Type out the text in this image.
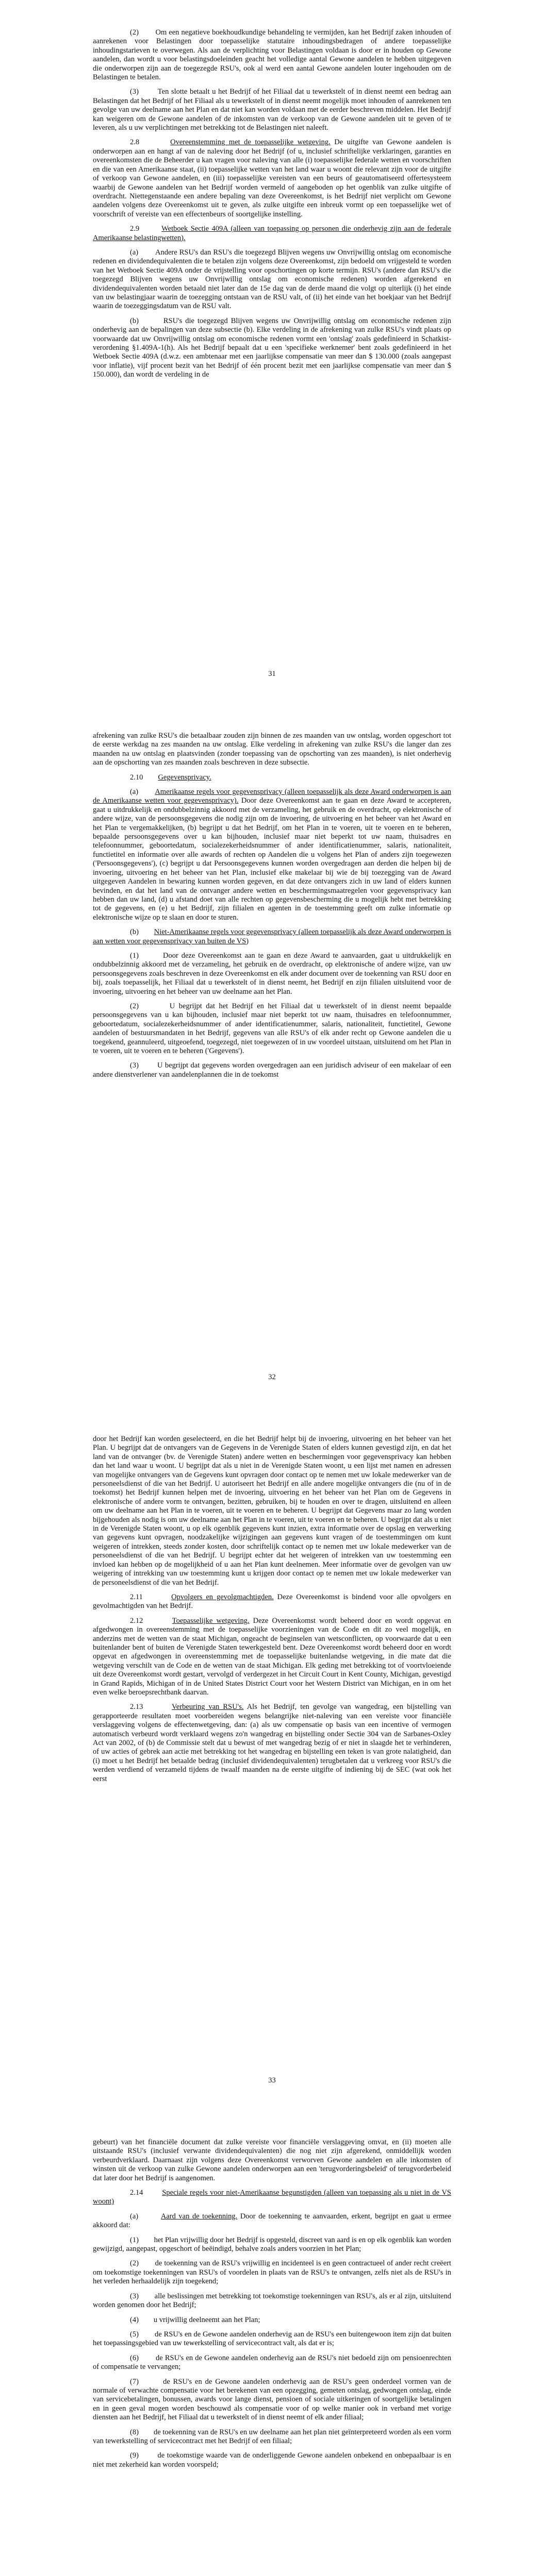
(2)        Om een negatieve boekhoudkundige behandeling te vermijden, kan het Bedrijf zaken inhouden of aanrekenen voor Belastingen door toepasselijke statutaire inhoudingsbedragen of andere toepasselijke inhoudingstarieven te overwegen. Als aan de verplichting voor Belastingen voldaan is door er in houden op Gewone aandelen, dan wordt u voor belastingsdoeleinden geacht het volledige aantal Gewone aandelen te hebben uitgegeven die onderworpen zijn aan de toegezegde RSU's, ook al werd een aantal Gewone aandelen louter ingehouden om de Belastingen te betalen.

(3)        Ten slotte betaalt u het Bedrijf of het Filiaal dat u tewerkstelt of in dienst neemt een bedrag aan Belastingen dat het Bedrijf of het Filiaal als u tewerkstelt of in dienst neemt mogelijk moet inhouden of aanrekenen ten gevolge van uw deelname aan het Plan en dat niet kan worden voldaan met de eerder beschreven middelen. Het Bedrijf kan weigeren om de Gewone aandelen of de inkomsten van de verkoop van de Gewone aandelen uit te geven of te leveren, als u uw verplichtingen met betrekking tot de Belastingen niet naleeft.

2.8	Overeenstemming met de toepasselijke wetgeving. De uitgifte van Gewone aandelen is onderworpen aan en hangt af van de naleving door het Bedrijf (of u, inclusief schriftelijke verklaringen, garanties en overeenkomsten die de Beheerder u kan vragen voor naleving van alle (i) toepasselijke federale wetten en voorschriften en die van een Amerikaanse staat, (ii) toepasselijke wetten van het land waar u woont die relevant zijn voor de uitgifte of verkoop van Gewone aandelen, en (iii) toepasselijke vereisten van een beurs of geautomatiseerd offertesysteem waarbij de Gewone aandelen van het Bedrijf worden vermeld of aangeboden op het ogenblik van zulke uitgifte of overdracht. Niettegenstaande een andere bepaling van deze Overeenkomst, is het Bedrijf niet verplicht om Gewone aandelen volgens deze Overeenkomst uit te geven, als zulke uitgifte een inbreuk vormt op een toepasselijke wet of voorschrift of vereiste van een effectenbeurs of soortgelijke instelling.

2.9	Wetboek Sectie 409A (alleen van toepassing op personen die onderhevig zijn aan de federale Amerikaanse belastingwetten).

(a)        Andere RSU's dan RSU's die toegezegd Blijven wegens uw Onvrijwillig ontslag om economische redenen en dividendequivalenten die te betalen zijn volgens deze Overeenkomst, zijn bedoeld om vrijgesteld te worden van het Wetboek Sectie 409A onder de vrijstelling voor opschortingen op korte termijn. RSU's (andere dan RSU's die toegezegd Blijven wegens uw Onvrijwillig ontslag om economische redenen) worden afgerekend en dividendequivalenten worden betaald niet later dan de 15e dag van de derde maand die volgt op uiterlijk (i) het einde van uw belastingjaar waarin de toezegging ontstaan van de RSU valt, of (ii) het einde van het boekjaar van het Bedrijf waarin de toezeggingsdatum van de RSU valt.

(b)        RSU's die toegezegd Blijven wegens uw Onvrijwillig ontslag om economische redenen zijn onderhevig aan de bepalingen van deze subsectie (b). Elke verdeling in de afrekening van zulke RSU's vindt plaats op voorwaarde dat uw Onvrijwillig ontslag om economische redenen vormt een 'ontslag' zoals gedefinieerd in Schatkist-verordening §1.409A-1(h). Als het Bedrijf bepaalt dat u een 'specifieke werknemer' bent zoals gedefinieerd in het Wetboek Sectie 409A (d.w.z. een ambtenaar met een jaarlijkse compensatie van meer dan $ 130.000 (zoals aangepast voor inflatie), vijf procent bezit van het Bedrijf of één procent bezit met een jaarlijkse compensatie van meer dan $ 150.000), dan wordt de verdeling in de

31

afrekening van zulke RSU's die betaalbaar zouden zijn binnen de zes maanden van uw ontslag, worden opgeschort tot de eerste werkdag na zes maanden na uw ontslag. Elke verdeling in afrekening van zulke RSU's die langer dan zes maanden na uw ontslag en plaatsvinden (zonder toepassing van de opschorting van zes maanden), is niet onderhevig aan de opschorting van zes maanden zoals beschreven in deze subsectie.

2.10 Gegevensprivacy.

(a) Amerikaanse regels voor gegevensprivacy (alleen toepasselijk als deze Award onderworpen is aan de Amerikaanse wetten voor gegevensprivacy). Door deze Overeenkomst aan te gaan en deze Award te accepteren, gaat u uitdrukkelijk en ondubbelzinnig akkoord met de verzameling, het gebruik en de overdracht, op elektronische of andere wijze, van de persoonsgegevens die nodig zijn om de invoering, de uitvoering en het beheer van het Award en het Plan te vergemakkelijken, (b) begrijpt u dat het Bedrijf, om het Plan in te voeren, uit te voeren en te beheren, bepaalde persoonsgegevens over u kan bijhouden, inclusief maar niet beperkt tot uw naam, thuisadres en telefoonnummer, geboortedatum, socialezekerheidsnummer of ander identificatienummer, salaris, nationaliteit, functietitel en informatie over alle awards of rechten op Aandelen die u volgens het Plan of anders zijn toegewezen ('Persoonsgegevens'), (c) begrijpt u dat Persoonsgegevens kunnen worden overgedragen aan derden die helpen bij de invoering, uitvoering en het beheer van het Plan, inclusief elke makelaar bij wie de bij toezegging van de Award uitgegeven Aandelen in bewaring kunnen worden gegeven, en dat deze ontvangers zich in uw land of elders kunnen bevinden, en dat het land van de ontvanger andere wetten en beschermingsmaatregelen voor gegevensprivacy kan hebben dan uw land, (d) u afstand doet van alle rechten op gegevensbescherming die u mogelijk hebt met betrekking tot de gegevens, en (e) u het Bedrijf, zijn filialen en agenten in de toestemming geeft om zulke informatie op elektronische wijze op te slaan en door te sturen.

(b) Niet-Amerikaanse regels voor gegevensprivacy (alleen toepasselijk als deze Award onderworpen is aan wetten voor gegevensprivacy van buiten de VS)

(1)        Door deze Overeenkomst aan te gaan en deze Award te aanvaarden, gaat u uitdrukkelijk en ondubbelzinnig akkoord met de verzameling, het gebruik en de overdracht, op elektronische of andere wijze, van uw persoonsgegevens zoals beschreven in deze Overeenkomst en elk ander document over de toekenning van RSU door en bij, zoals toepasselijk, het Filiaal dat u tewerkstelt of in dienst neemt, het Bedrijf en zijn filialen uitsluitend voor de invoering, uitvoering en het beheer van uw deelname aan het Plan.

(2)        U begrijpt dat het Bedrijf en het Filiaal dat u tewerkstelt of in dienst neemt bepaalde persoonsgegevens van u kan bijhouden, inclusief maar niet beperkt tot uw naam, thuisadres en telefoonnummer, geboortedatum, socialezekerheidsnummer of ander identificatienummer, salaris, nationaliteit, functietitel, Gewone aandelen of bestuursmandaten in het Bedrijf, gegevens van alle RSU's of elk ander recht op Gewone aandelen die u toegekend, geannuleerd, uitgeoefend, toegezegd, niet toegewezen of in uw voordeel uitstaan, uitsluitend om het Plan in te voeren, uit te voeren en te beheren ('Gegevens').

(3)        U begrijpt dat gegevens worden overgedragen aan een juridisch adviseur of een makelaar of een andere dienstverlener van aandelenplannen die in de toekomst

32

door het Bedrijf kan worden geselecteerd, en die het Bedrijf helpt bij de invoering, uitvoering en het beheer van het Plan. U begrijpt dat de ontvangers van de Gegevens in de Verenigde Staten of elders kunnen gevestigd zijn, en dat het land van de ontvanger (bv. de Verenigde Staten) andere wetten en beschermingen voor gegevensprivacy kan hebben dan het land waar u woont. U begrijpt dat als u niet in de Verenigde Staten woont, u een lijst met namen en adressen van mogelijke ontvangers van de Gegevens kunt opvragen door contact op te nemen met uw lokale medewerker van de personeelsdienst of die van het Bedrijf. U autoriseert het Bedrijf en alle andere mogelijke ontvangers die (nu of in de toekomst) het Bedrijf kunnen helpen met de invoering, uitvoering en het beheer van het Plan om de Gegevens in elektronische of andere vorm te ontvangen, bezitten, gebruiken, bij te houden en over te dragen, uitsluitend en alleen om uw deelname aan het Plan in te voeren, uit te voeren en te beheren. U begrijpt dat Gegevens maar zo lang worden bijgehouden als nodig is om uw deelname aan het Plan in te voeren, uit te voeren en te beheren. U begrijpt dat als u niet in de Verenigde Staten woont, u op elk ogenblik gegevens kunt inzien, extra informatie over de opslag en verwerking van gegevens kunt opvragen, noodzakelijke wijzigingen aan gegevens kunt vragen of de toestemmingen om kunt weigeren of intrekken, steeds zonder kosten, door schriftelijk contact op te nemen met uw lokale medewerker van de personeelsdienst of die van het Bedrijf. U begrijpt echter dat het weigeren of intrekken van uw toestemming een invloed kan hebben op de mogelijkheid of u aan het Plan kunt deelnemen. Meer informatie over de gevolgen van uw weigering of intrekking van uw toestemming kunt u krijgen door contact op te nemen met uw lokale medewerker van de personeelsdienst of die van het Bedrijf.

2.11	Opvolgers en gevolgmachtigden. Deze Overeenkomst is bindend voor alle opvolgers en gevolmachtigden van het Bedrijf.

2.12	Toepasselijke wetgeving. Deze Overeenkomst wordt beheerd door en wordt opgevat en afgedwongen in overeenstemming met de toepasselijke voorzieningen van de Code en dit zo veel mogelijk, en anderzins met de wetten van de staat Michigan, ongeacht de beginselen van wetsconflicten, op voorwaarde dat u een buitenlander bent of buiten de Verenigde Staten tewerkgesteld bent. Deze Overeenkomst wordt beheerd door en wordt opgevat en afgedwongen in overeenstemming met de toepasselijke buitenlandse wetgeving, in die mate dat die wetgeving verschilt van de Code en de wetten van de staat Michigan. Elk geding met betrekking tot of voortvloeiende uit deze Overeenkomst wordt gestart, vervolgd of verdergezet in het Circuit Court in Kent County, Michigan, gevestigd in Grand Rapids, Michigan of in de United States District Court voor het Western District van Michigan, en in om het even welke beroepsrechtbank daarvan.

2.13	Verbeuring van RSU's. Als het Bedrijf, ten gevolge van wangedrag, een bijstelling van gerapporteerde resultaten moet voorbereiden wegens belangrijke niet-naleving van een vereiste voor financiële verslaggeving volgens de effectenwetgeving, dan: (a) als uw compensatie op basis van een incentive of vermogen automatisch verbeurd wordt verklaard wegens zo'n wangedrag en bijstelling onder Sectie 304 van de Sarbanes-Oxley Act van 2002, of (b) de Commissie stelt dat u bewust of met wangedrag bezig of er niet in slaagde het te verhinderen, of uw acties of gebrek aan actie met betrekking tot het wangedrag en bijstelling een teken is van grote nalatigheid, dan (i) moet u het Bedrijf het betaalde bedrag (inclusief dividendequivalenten) terugbetalen dat u verkreeg voor RSU's die werden verdiend of verzameld tijdens de twaalf maanden na de eerste uitgifte of indiening bij de SEC (wat ook het eerst

33

gebeurt) van het financiële document dat zulke vereiste voor financiële verslaggeving omvat, en (ii) moeten alle uitstaande RSU's (inclusief verwante dividendequivalenten) die nog niet zijn afgerekend, onmiddellijk worden verbeurdverklaard. Daarnaast zijn volgens deze Overeenkomst verworven Gewone aandelen en alle inkomsten of winsten uit de verkoop van zulke Gewone aandelen onderworpen aan een 'terugvorderingsbeleid' of terugvorderbeleid dat later door het Bedrijf is aangenomen.

2.14	Speciale regels voor niet-Amerikaanse begunstigden (alleen van toepassing als u niet in de VS woont)

(a)	Aard van de toekenning. Door de toekenning te aanvaarden, erkent, begrijpt en gaat u ermee akkoord dat:

(1)        het Plan vrijwillig door het Bedrijf is opgesteld, discreet van aard is en op elk ogenblik kan worden gewijzigd, aangepast, opgeschort of beëindigd, behalve zoals anders voorzien in het Plan;

(2)        de toekenning van de RSU's vrijwillig en incidenteel is en geen contractueel of ander recht creëert om toekomstige toekenningen van RSU's of voordelen in plaats van de RSU's te ontvangen, zelfs niet als de RSU's in het verleden herhaaldelijk zijn toegekend;

(3)        alle beslissingen met betrekking tot toekomstige toekenningen van RSU's, als er al zijn, uitsluitend worden genomen door het Bedrijf;

(4)        u vrijwillig deelneemt aan het Plan;

(5)        de RSU's en de Gewone aandelen onderhevig aan de RSU's een buitengewoon item zijn dat buiten het toepassingsgebied van uw tewerkstelling of servicecontract valt, als dat er is;

(6)        de RSU's en de Gewone aandelen onderhevig aan de RSU's niet bedoeld zijn om pensioenrechten of compensatie te vervangen;

(7)        de RSU's en de Gewone aandelen onderhevig aan de RSU's geen onderdeel vormen van de normale of verwachte compensatie voor het berekenen van een opzegging, gemeten ontslag, gedwongen ontslag, einde van servicebetalingen, bonussen, awards voor lange dienst, pensioen of sociale uitkeringen of soortgelijke betalingen en in geen geval mogen worden beschouwd als compensatie voor of op welke manier ook in verband met vorige diensten aan het Bedrijf, het Filiaal dat u tewerkstelt of in dienst neemt of elk ander filiaal;

(8)        de toekenning van de RSU's en uw deelname aan het plan niet geïnterpreteerd worden als een vorm van tewerkstelling of servicecontract met het Bedrijf of een filiaal;

(9)        de toekomstige waarde van de onderliggende Gewone aandelen onbekend en onbepaalbaar is en niet met zekerheid kan worden voorspeld;
